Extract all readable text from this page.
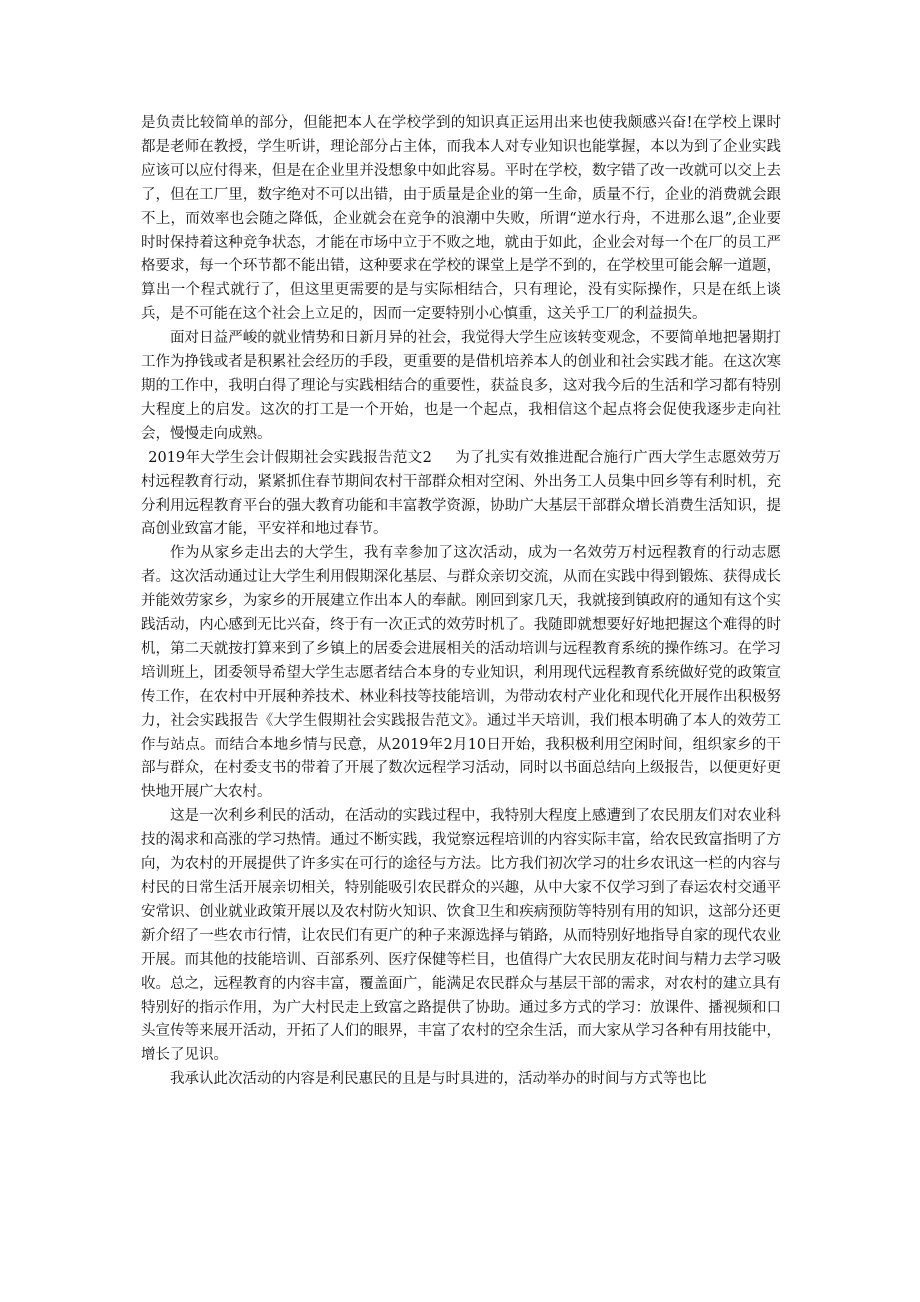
是负责比较简单的部分，但能把本人在学校学到的知识真正运用出来也使我颇感兴奋!在学校上课时都是老师在教授，学生听讲，理论部分占主体，而我本人对专业知识也能掌握，本以为到了企业实践应该可以应付得来，但是在企业里并没想象中如此容易。平时在学校，数字错了改一改就可以交上去了，但在工厂里，数字绝对不可以出错，由于质量是企业的第一生命，质量不行，企业的消费就会跟不上，而效率也会随之降低，企业就会在竞争的浪潮中失败，所谓“逆水行舟，不进那么退”,企业要时时保持着这种竞争状态，才能在市场中立于不败之地，就由于如此，企业会对每一个在厂的员工严格要求，每一个环节都不能出错，这种要求在学校的课堂上是学不到的，在学校里可能会解一道题，算出一个程式就行了，但这里更需要的是与实际相结合，只有理论，没有实际操作，只是在纸上谈兵，是不可能在这个社会上立足的，因而一定要特别小心慎重，这关乎工厂的利益损失。

面对日益严峻的就业情势和日新月异的社会，我觉得大学生应该转变观念，不要简单地把暑期打工作为挣钱或者是积累社会经历的手段，更重要的是借机培养本人的创业和社会实践才能。在这次寒期的工作中，我明白得了理论与实践相结合的重要性，获益良多，这对我今后的生活和学习都有特别大程度上的启发。这次的打工是一个开始，也是一个起点，我相信这个起点将会促使我逐步走向社会，慢慢走向成熟。

2019年大学生会计假期社会实践报告范文2 为了扎实有效推进配合施行广西大学生志愿效劳万村远程教育行动，紧紧抓住春节期间农村干部群众相对空闲、外出务工人员集中回乡等有利时机，充分利用远程教育平台的强大教育功能和丰富教学资源，协助广大基层干部群众增长消费生活知识，提高创业致富才能，平安祥和地过春节。

作为从家乡走出去的大学生，我有幸参加了这次活动，成为一名效劳万村远程教育的行动志愿者。这次活动通过让大学生利用假期深化基层、与群众亲切交流，从而在实践中得到锻炼、获得成长并能效劳家乡，为家乡的开展建立作出本人的奉献。刚回到家几天，我就接到镇政府的通知有这个实践活动，内心感到无比兴奋，终于有一次正式的效劳时机了。我随即就想要好好地把握这个难得的时机，第二天就按打算来到了乡镇上的居委会进展相关的活动培训与远程教育系统的操作练习。在学习培训班上，团委领导希望大学生志愿者结合本身的专业知识，利用现代远程教育系统做好党的政策宣传工作，在农村中开展种养技术、林业科技等技能培训，为带动农村产业化和现代化开展作出积极努力，社会实践报告《大学生假期社会实践报告范文》。通过半天培训，我们根本明确了本人的效劳工作与站点。而结合本地乡情与民意，从2019年2月10日开始，我积极利用空闲时间，组织家乡的干部与群众，在村委支书的带着了开展了数次远程学习活动，同时以书面总结向上级报告，以便更好更快地开展广大农村。

这是一次利乡利民的活动，在活动的实践过程中，我特别大程度上感遭到了农民朋友们对农业科技的渴求和高涨的学习热情。通过不断实践，我觉察远程培训的内容实际丰富，给农民致富指明了方向，为农村的开展提供了许多实在可行的途径与方法。比方我们初次学习的壮乡农讯这一栏的内容与村民的日常生活开展亲切相关，特别能吸引农民群众的兴趣，从中大家不仅学习到了春运农村交通平安常识、创业就业政策开展以及农村防火知识、饮食卫生和疾病预防等特别有用的知识，这部分还更新介绍了一些农市行情，让农民们有更广的种子来源选择与销路，从而特别好地指导自家的现代农业开展。而其他的技能培训、百部系列、医疗保健等栏目，也值得广大农民朋友花时间与精力去学习吸收。总之，远程教育的内容丰富，覆盖面广，能满足农民群众与基层干部的需求，对农村的建立具有特别好的指示作用，为广大村民走上致富之路提供了协助。通过多方式的学习：放课件、播视频和口头宣传等来展开活动，开拓了人们的眼界，丰富了农村的空余生活，而大家从学习各种有用技能中，增长了见识。

我承认此次活动的内容是利民惠民的且是与时具进的，活动举办的时间与方式等也比
